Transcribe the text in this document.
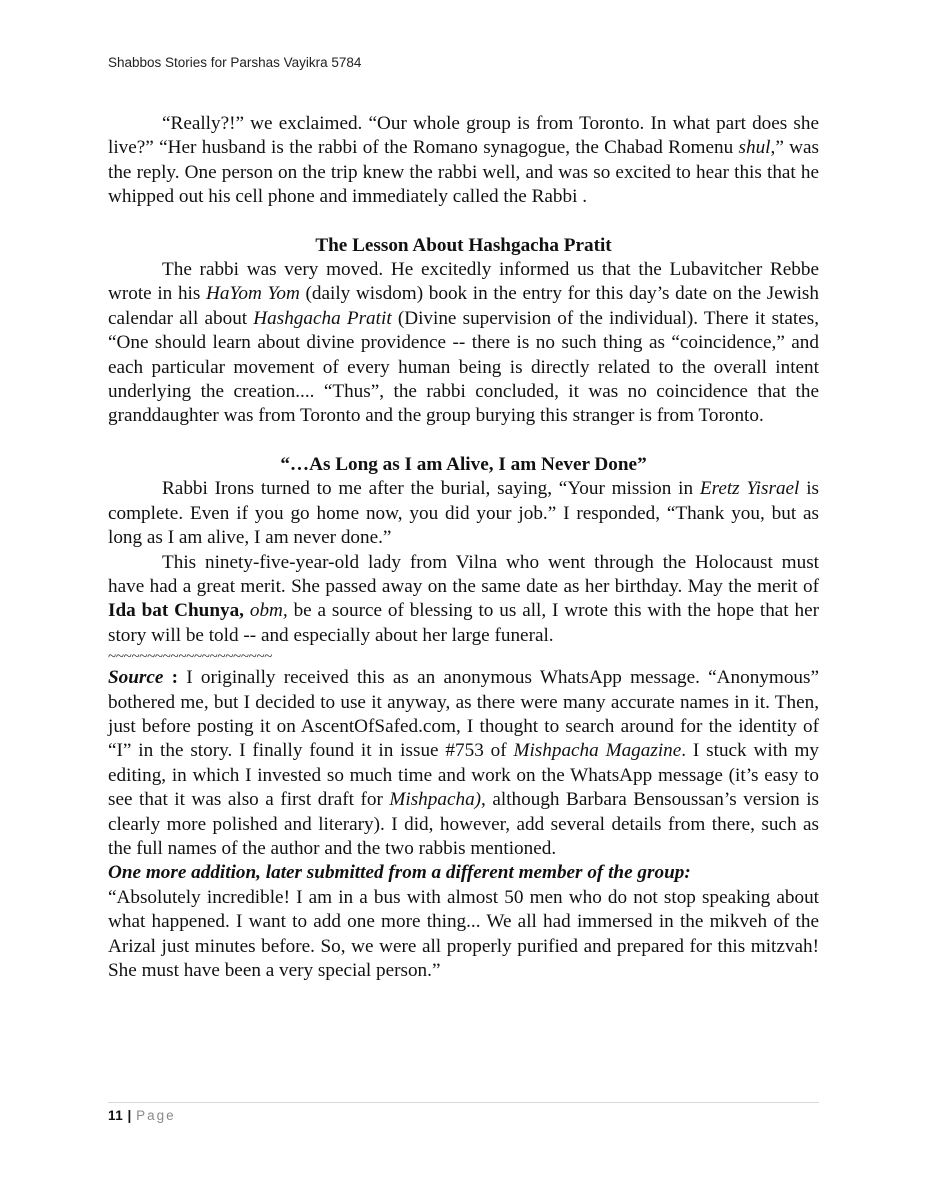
Shabbos Stories for Parshas Vayikra 5784

“Really?!” we exclaimed. “Our whole group is from Toronto. In what part does she live?” “Her husband is the rabbi of the Romano synagogue, the Chabad Romenu shul,” was the reply. One person on the trip knew the rabbi well, and was so excited to hear this that he whipped out his cell phone and immediately called the Rabbi .

The Lesson About Hashgacha Pratit

The rabbi was very moved. He excitedly informed us that the Lubavitcher Rebbe wrote in his HaYom Yom (daily wisdom) book in the entry for this day’s date on the Jewish calendar all about Hashgacha Pratit (Divine supervision of the individual). There it states, “One should learn about divine providence -- there is no such thing as “coincidence,” and each particular movement of every human being is directly related to the overall intent underlying the creation.... “Thus”, the rabbi concluded, it was no coincidence that the granddaughter was from Toronto and the group burying this stranger is from Toronto.

“…As Long as I am Alive, I am Never Done”

Rabbi Irons turned to me after the burial, saying, “Your mission in Eretz Yisrael is complete. Even if you go home now, you did your job.” I responded, “Thank you, but as long as I am alive, I am never done.”

This ninety-five-year-old lady from Vilna who went through the Holocaust must have had a great merit. She passed away on the same date as her birthday. May the merit of Ida bat Chunya, obm, be a source of blessing to us all, I wrote this with the hope that her story will be told -- and especially about her large funeral.

~~~~~~~~~~~~~~~~~~~~~

Source : I originally received this as an anonymous WhatsApp message. “Anonymous” bothered me, but I decided to use it anyway, as there were many accurate names in it. Then, just before posting it on AscentOfSafed.com, I thought to search around for the identity of “I” in the story. I finally found it in issue #753 of Mishpacha Magazine. I stuck with my editing, in which I invested so much time and work on the WhatsApp message (it’s easy to see that it was also a first draft for Mishpacha), although Barbara Bensoussan’s version is clearly more polished and literary). I did, however, add several details from there, such as the full names of the author and the two rabbis mentioned.

One more addition, later submitted from a different member of the group:

“Absolutely incredible! I am in a bus with almost 50 men who do not stop speaking about what happened. I want to add one more thing... We all had immersed in the mikveh of the Arizal just minutes before. So, we were all properly purified and prepared for this mitzvah! She must have been a very special person.”

11 | Page
